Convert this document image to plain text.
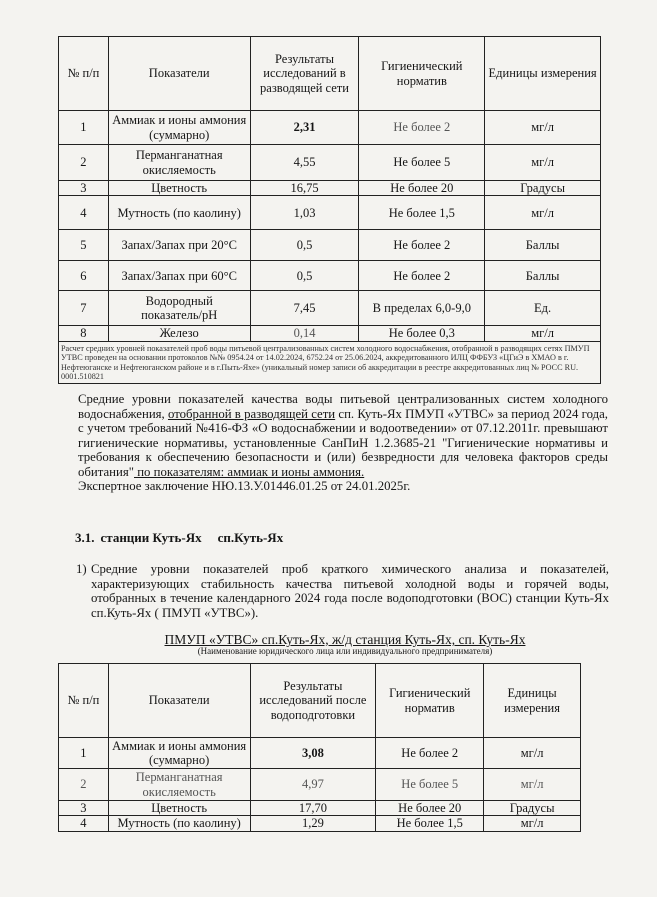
№ п/п	Показатели	Результаты исследований в разводящей сети	Гигиенический норматив	Единицы измерения
1	Аммиак и ионы аммония (суммарно)	2,31	Не более 2	мг/л
2	Перманганатная окисляемость	4,55	Не более 5	мг/л
3	Цветность	16,75	Не более 20	Градусы
4	Мутность (по каолину)	1,03	Не более 1,5	мг/л
5	Запах/Запах при 20°С	0,5	Не более 2	Баллы
6	Запах/Запах при 60°С	0,5	Не более 2	Баллы
7	Водородный показатель/pH	7,45	В пределах 6,0-9,0	Ед.
8	Железо	0,14	Не более 0,3	мг/л
Расчет средних уровней показателей проб воды питьевой централизованных систем холодного водоснабжения, отобранной в разводящих сетях ПМУП УТВС проведен на основании протоколов №№ 0954.24 от 14.02.2024, 6752.24 от 25.06.2024, аккредитованного ИЛЦ ФФБУЗ «ЦГиЭ в ХМАО в г. Нефтеюганске и Нефтеюганском районе и в г.Пыть-Яхе» (уникальный номер записи об аккредитации в реестре аккредитованных лиц № РОСС RU. 0001.510821				
Средние уровни показателей качества воды питьевой централизованных систем холодного водоснабжения, отобранной в разводящей сети сп. Куть-Ях ПМУП «УТВС» за период 2024 года, с учетом требований №416-ФЗ «О водоснабжении и водоотведении» от 07.12.2011г. превышают гигиенические нормативы, установленные СанПиН 1.2.3685-21 "Гигиенические нормативы и требования к обеспечению безопасности и (или) безвредности для человека факторов среды обитания" по показателям: аммиак и ионы аммония.
Экспертное заключение НЮ.13.У.01446.01.25 от 24.01.2025г.
3.1. станции Куть-Ях сп.Куть-Ях
1) Средние уровни показателей проб краткого химического анализа и показателей, характеризующих стабильность качества питьевой холодной воды и горячей воды, отобранных в течение календарного 2024 года после водоподготовки (ВОС) станции Куть-Ях сп.Куть-Ях ( ПМУП «УТВС»).
ПМУП «УТВС» сп.Куть-Ях, ж/д станция Куть-Ях, сп. Куть-Ях
(Наименование юридического лица или индивидуального предпринимателя)
№ п/п	Показатели	Результаты исследований после водоподготовки	Гигиенический норматив	Единицы измерения
1	Аммиак и ионы аммония (суммарно)	3,08	Не более 2	мг/л
2	Перманганатная окисляемость	4,97	Не более 5	мг/л
3	Цветность	17,70	Не более 20	Градусы
4	Мутность (по каолину)	1,29	Не более 1,5	мг/л
